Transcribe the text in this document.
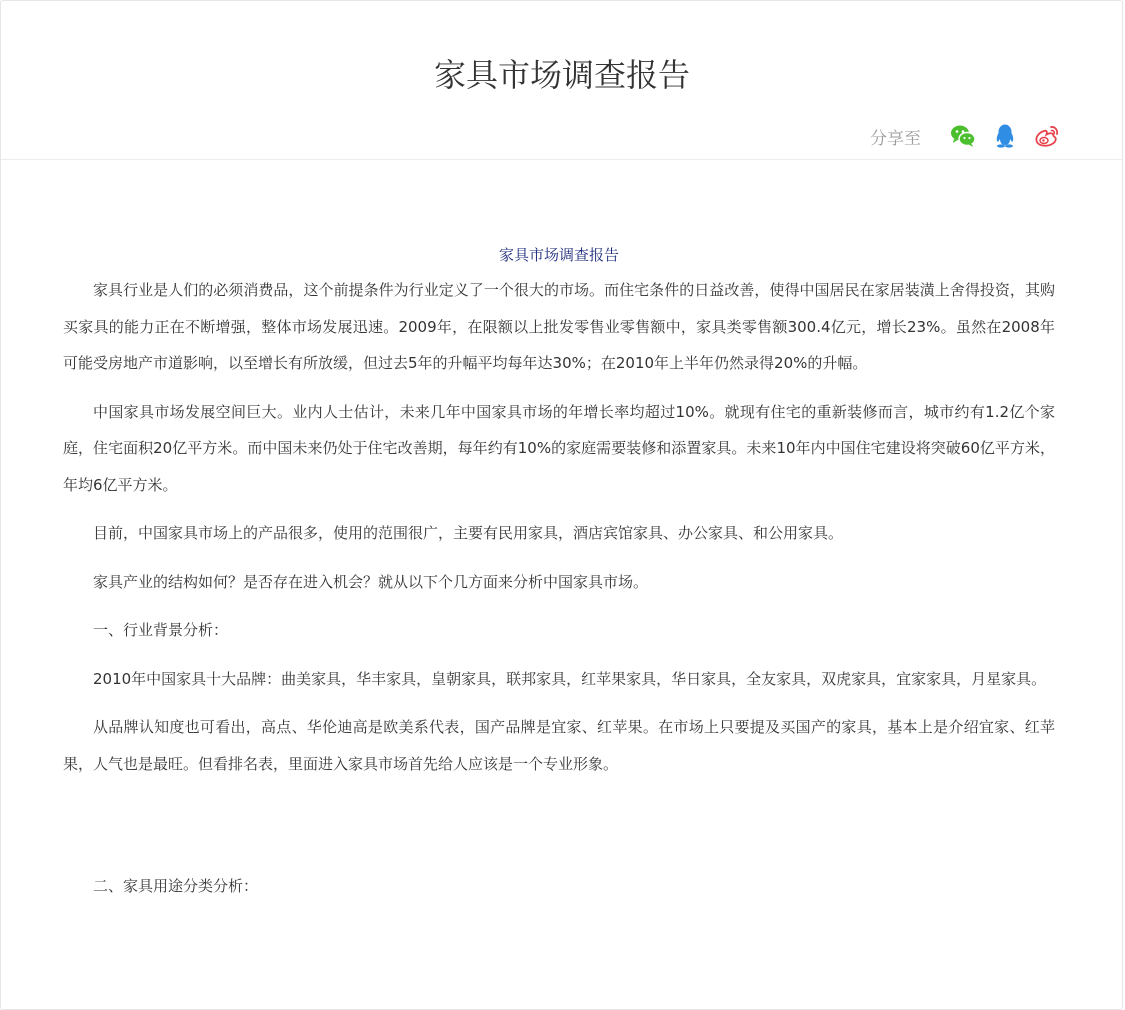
家具市场调查报告
分享至
家具市场调查报告

家具行业是人们的必须消费品，这个前提条件为行业定义了一个很大的市场。而住宅条件的日益改善，使得中国居民在家居装潢上舍得投资，其购买家具的能力正在不断增强，整体市场发展迅速。2009年，在限额以上批发零售业零售额中，家具类零售额300.4亿元，增长23%。虽然在2008年可能受房地产市道影响，以至增长有所放缓，但过去5年的升幅平均每年达30%；在2010年上半年仍然录得20%的升幅。

中国家具市场发展空间巨大。业内人士估计，未来几年中国家具市场的年增长率均超过10%。就现有住宅的重新装修而言，城市约有1.2亿个家庭，住宅面积20亿平方米。而中国未来仍处于住宅改善期，每年约有10%的家庭需要装修和添置家具。未来10年内中国住宅建设将突破60亿平方米，年均6亿平方米。

目前，中国家具市场上的产品很多，使用的范围很广，主要有民用家具，酒店宾馆家具、办公家具、和公用家具。

家具产业的结构如何？是否存在进入机会？就从以下个几方面来分析中国家具市场。

一、行业背景分析：

2010年中国家具十大品牌：曲美家具，华丰家具，皇朝家具，联邦家具，红苹果家具，华日家具，全友家具，双虎家具，宜家家具，月星家具。

从品牌认知度也可看出，高点、华伦迪高是欧美系代表，国产品牌是宜家、红苹果。在市场上只要提及买国产的家具，基本上是介绍宜家、红苹果，人气也是最旺。但看排名表，里面进入家具市场首先给人应该是一个专业形象。

二、家具用途分类分析：
